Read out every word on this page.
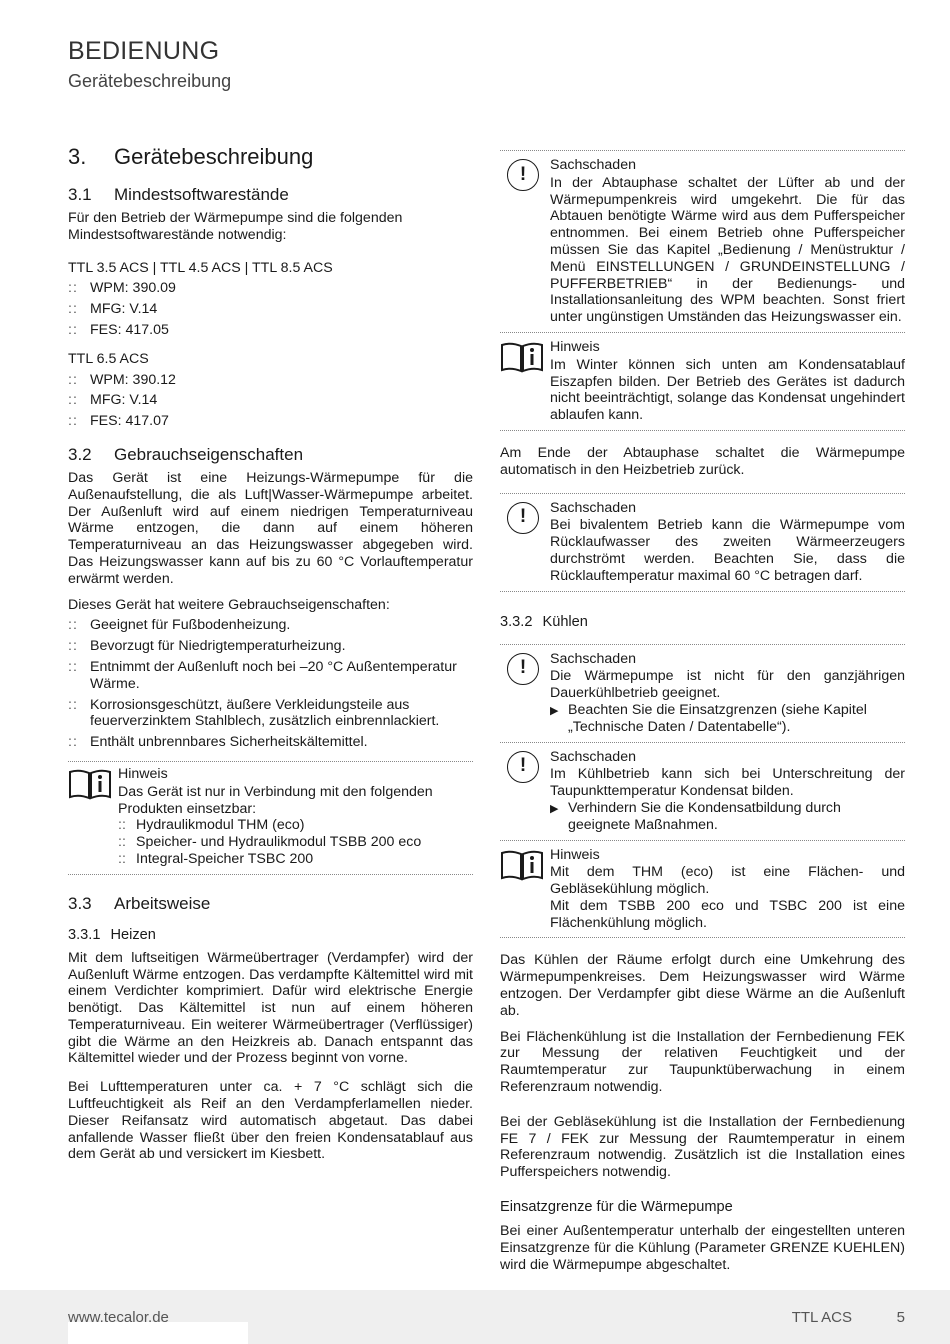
BEDIENUNG
Gerätebeschreibung
3.	Gerätebeschreibung
3.1	Mindestsoftwarestände

Für den Betrieb der Wärmepumpe sind die folgenden Mindestsoftwarestände notwendig:

TTL 3.5 ACS | TTL 4.5 ACS | TTL 8.5 ACS
:: WPM: 390.09
:: MFG: V.14
:: FES: 417.05
TTL 6.5 ACS
:: WPM: 390.12
:: MFG: V.14
:: FES: 417.07
3.2	Gebrauchseigenschaften

Das Gerät ist eine Heizungs-Wärmepumpe für die Außenaufstellung, die als Luft|Wasser-Wärmepumpe arbeitet. Der Außenluft wird auf einem niedrigen Temperaturniveau Wärme entzogen, die dann auf einem höheren Temperaturniveau an das Heizungswasser abgegeben wird. Das Heizungswasser kann auf bis zu 60 °C Vorlauftemperatur erwärmt werden.

Dieses Gerät hat weitere Gebrauchseigenschaften:

:: Geeignet für Fußbodenheizung.
:: Bevorzugt für Niedrigtemperaturheizung.
:: Entnimmt der Außenluft noch bei –20 °C Außentemperatur Wärme.
:: Korrosionsgeschützt, äußere Verkleidungsteile aus feuerverzinktem Stahlblech, zusätzlich einbrennlackiert.
:: Enthält unbrennbares Sicherheitskältemittel.
Hinweis

Das Gerät ist nur in Verbindung mit den folgenden Produkten einsetzbar:

:: Hydraulikmodul THM (eco)
:: Speicher- und Hydraulikmodul TSBB 200 eco
:: Integral-Speicher TSBC 200
3.3	Arbeitsweise
3.3.1 Heizen

Mit dem luftseitigen Wärmeübertrager (Verdampfer) wird der Außenluft Wärme entzogen. Das verdampfte Kältemittel wird mit einem Verdichter komprimiert. Dafür wird elektrische Energie benötigt. Das Kältemittel ist nun auf einem höheren Temperaturniveau. Ein weiterer Wärmeübertrager (Verflüssiger) gibt die Wärme an den Heizkreis ab. Danach entspannt das Kältemittel wieder und der Prozess beginnt von vorne.

Bei Lufttemperaturen unter ca. + 7 °C schlägt sich die Luftfeuchtigkeit als Reif an den Verdampferlamellen nieder. Dieser Reifansatz wird automatisch abgetaut. Das dabei anfallende Wasser fließt über den freien Kondensatablauf aus dem Gerät ab und versickert im Kiesbett.

!	Sachschaden

In der Abtauphase schaltet der Lüfter ab und der Wärmepumpenkreis wird umgekehrt. Die für das Abtauen benötigte Wärme wird aus dem Pufferspeicher entnommen. Bei einem Betrieb ohne Pufferspeicher müssen Sie das Kapitel „Bedienung / Menüstruktur / Menü EINSTELLUNGEN / GRUNDEINSTELLUNG / PUFFERBETRIEB“ in der Bedienungs- und Installationsanleitung des WPM beachten. Sonst friert unter ungünstigen Umständen das Heizungswasser ein.

Hinweis

Im Winter können sich unten am Kondensatablauf Eiszapfen bilden. Der Betrieb des Gerätes ist dadurch nicht beeinträchtigt, solange das Kondensat ungehindert ablaufen kann.

Am Ende der Abtauphase schaltet die Wärmepumpe automatisch in den Heizbetrieb zurück.

!	Sachschaden

Bei bivalentem Betrieb kann die Wärmepumpe vom Rücklaufwasser des zweiten Wärmeerzeugers durchströmt werden. Beachten Sie, dass die Rücklauftemperatur maximal 60 °C betragen darf.

3.3.2 Kühlen
!	Sachschaden

Die Wärmepumpe ist nicht für den ganzjährigen Dauerkühlbetrieb geeignet.

▶ Beachten Sie die Einsatzgrenzen (siehe Kapitel „Technische Daten / Datentabelle“).
!	Sachschaden

Im Kühlbetrieb kann sich bei Unterschreitung der Taupunkttemperatur Kondensat bilden.

▶ Verhindern Sie die Kondensatbildung durch geeignete Maßnahmen.
Hinweis

Mit dem THM (eco) ist eine Flächen- und Gebläsekühlung möglich.

Mit dem TSBB 200 eco und TSBC 200 ist eine Flächenkühlung möglich.

Das Kühlen der Räume erfolgt durch eine Umkehrung des Wärmepumpenkreises. Dem Heizungswasser wird Wärme entzogen. Der Verdampfer gibt diese Wärme an die Außenluft ab.

Bei Flächenkühlung ist die Installation der Fernbedienung FEK zur Messung der relativen Feuchtigkeit und der Raumtemperatur zur Taupunktüberwachung in einem Referenzraum notwendig.

Bei der Gebläsekühlung ist die Installation der Fernbedienung FE 7 / FEK zur Messung der Raumtemperatur in einem Referenzraum notwendig. Zusätzlich ist die Installation eines Pufferspeichers notwendig.

Einsatzgrenze für die Wärmepumpe

Bei einer Außentemperatur unterhalb der eingestellten unteren Einsatzgrenze für die Kühlung (Parameter GRENZE KUEHLEN) wird die Wärmepumpe abgeschaltet.

www.tecalor.de	TTL ACS	5
